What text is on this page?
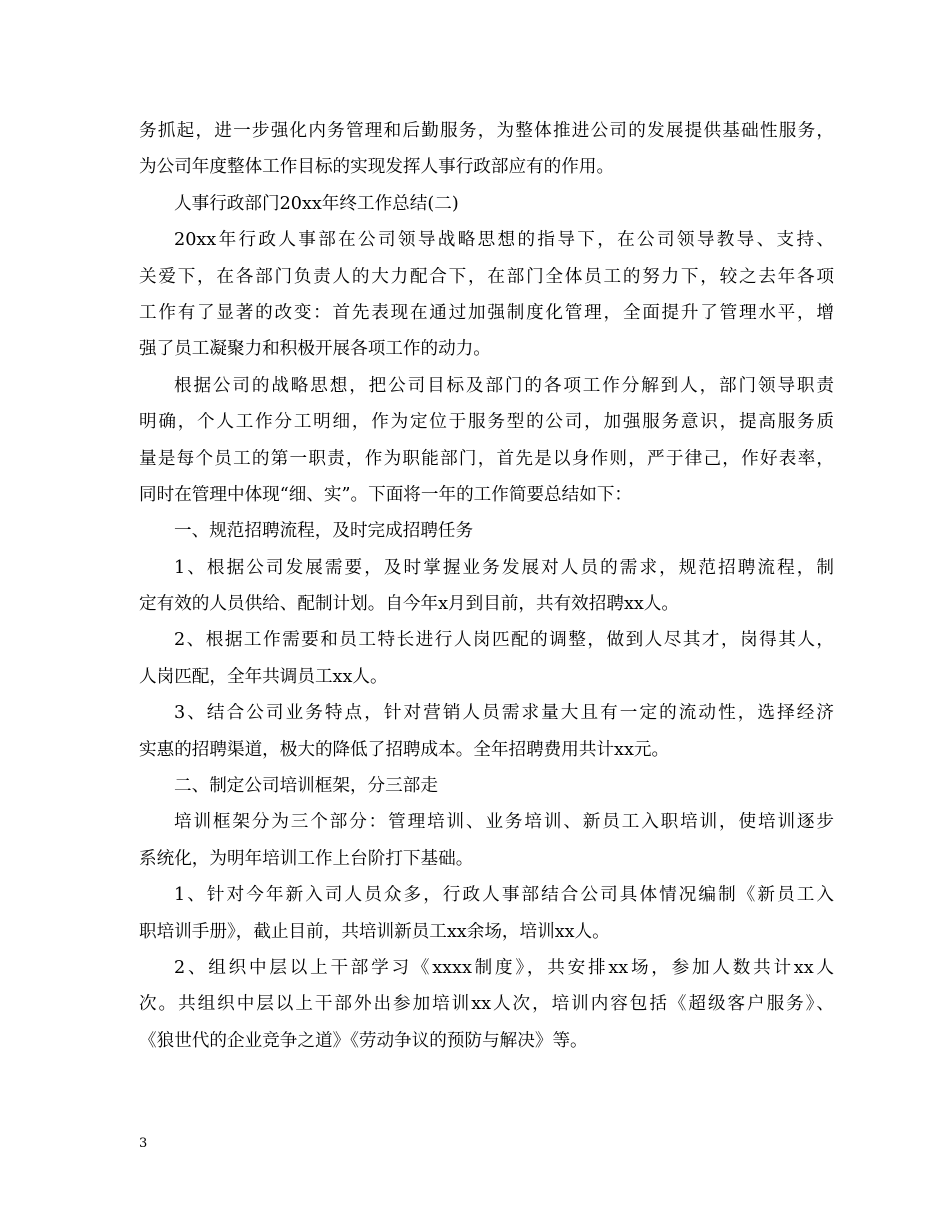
务抓起，进一步强化内务管理和后勤服务，为整体推进公司的发展提供基础性服务，
为公司年度整体工作目标的实现发挥人事行政部应有的作用。
人事行政部门20xx年终工作总结(二)
20xx年行政人事部在公司领导战略思想的指导下，在公司领导教导、支持、
关爱下，在各部门负责人的大力配合下，在部门全体员工的努力下，较之去年各项
工作有了显著的改变：首先表现在通过加强制度化管理，全面提升了管理水平，增
强了员工凝聚力和积极开展各项工作的动力。
根据公司的战略思想，把公司目标及部门的各项工作分解到人，部门领导职责
明确，个人工作分工明细，作为定位于服务型的公司，加强服务意识，提高服务质
量是每个员工的第一职责，作为职能部门，首先是以身作则，严于律己，作好表率，
同时在管理中体现“细、实”。下面将一年的工作简要总结如下：
一、规范招聘流程，及时完成招聘任务
1、根据公司发展需要，及时掌握业务发展对人员的需求，规范招聘流程，制
定有效的人员供给、配制计划。自今年x月到目前，共有效招聘xx人。
2、根据工作需要和员工特长进行人岗匹配的调整，做到人尽其才，岗得其人，
人岗匹配，全年共调员工xx人。
3、结合公司业务特点，针对营销人员需求量大且有一定的流动性，选择经济
实惠的招聘渠道，极大的降低了招聘成本。全年招聘费用共计xx元。
二、制定公司培训框架，分三部走
培训框架分为三个部分：管理培训、业务培训、新员工入职培训，使培训逐步
系统化，为明年培训工作上台阶打下基础。
1、针对今年新入司人员众多，行政人事部结合公司具体情况编制《新员工入
职培训手册》，截止目前，共培训新员工xx余场，培训xx人。
2、组织中层以上干部学习《xxxx制度》，共安排xx场，参加人数共计xx人
次。共组织中层以上干部外出参加培训xx人次，培训内容包括《超级客户服务》、
《狼世代的企业竞争之道》《劳动争议的预防与解决》等。
3
